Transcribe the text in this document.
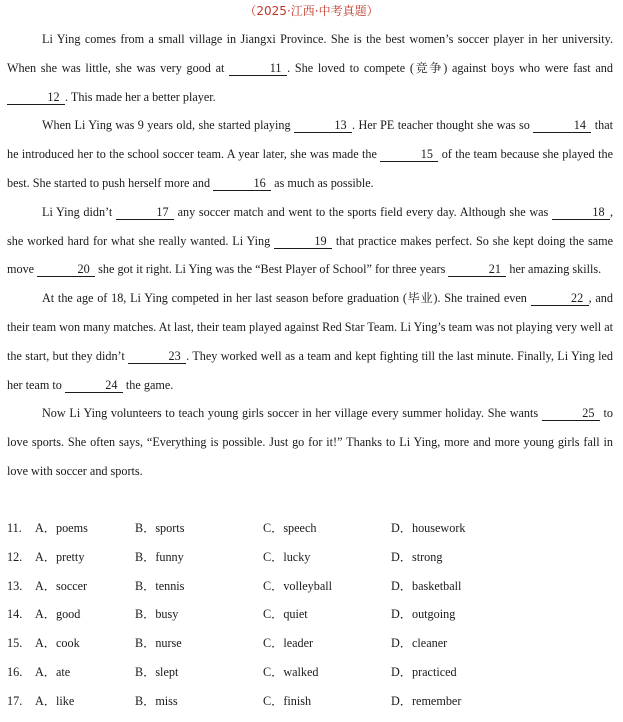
（2025·江西·中考真题）

Li Ying comes from a small village in Jiangxi Province. She is the best women’s soccer player in her university. When she was little, she was very good at	11 . She loved to compete (竞争) against boys who were fast and 12 . This made her a better player.

When Li Ying was 9 years old, she started playing	13 . Her PE teacher thought she was so	14 that he introduced her to the school soccer team. A year later, she was made the	15 of the team because she played the best. She started to push herself more and	16 as much as possible.

Li Ying didn’t	17 any soccer match and went to the sports field every day. Although she was	18 , she worked hard for what she really wanted. Li Ying	19 that practice makes perfect. So she kept doing the same move	20 she got it right. Li Ying was the “Best Player of School” for three years	21 her amazing skills.

At the age of 18, Li Ying competed in her last season before graduation (毕业). She trained even	22 , and their team won many matches. At last, their team played against Red Star Team. Li Ying’s team was not playing very well at the start, but they didn’t	23 . They worked well as a team and kept fighting till the last minute. Finally, Li Ying led her team to	24 the game.

Now Li Ying volunteers to teach young girls soccer in her village every summer holiday. She wants	25 to love sports. She often says, “Everything is possible. Just go for it!” Thanks to Li Ying, more and more young girls fall in love with soccer and sports.

11. A．poems	B．sports	C．speech	D．housework
12. A．pretty	B．funny	C．lucky	D．strong
13. A．soccer	B．tennis	C．volleyball	D．basketball
14. A．good	B．busy	C．quiet	D．outgoing
15. A．cook	B．nurse	C．leader	D．cleaner
16. A．ate	B．slept	C．walked	D．practiced
17. A．like	B．miss	C．finish	D．remember
